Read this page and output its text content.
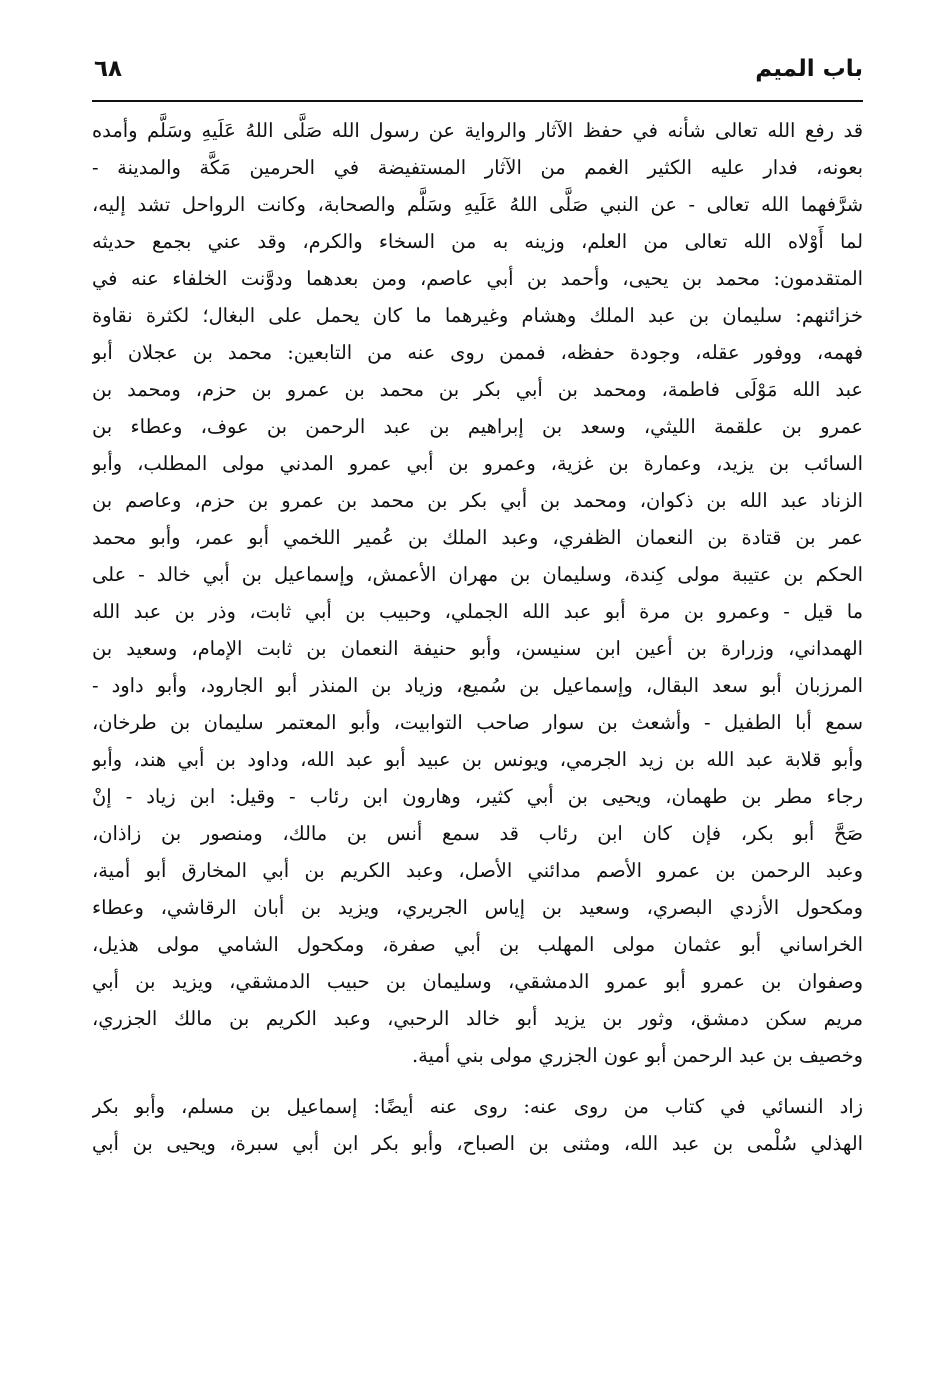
باب الميم
٦٨
قد رفع الله تعالى شأنه في حفظ الآثار والرواية عن رسول الله صَلَّى اللهُ عَلَيهِ وسَلَّم وأمده
بعونه، فدار عليه الكثير الغمم من الآثار المستفيضة في الحرمين مَكَّة والمدينة -
شرَّفهما الله تعالى - عن النبي صَلَّى اللهُ عَلَيهِ وسَلَّم والصحابة، وكانت الرواحل تشد إليه،
لما أَوْلاه الله تعالى من العلم، وزينه به من السخاء والكرم، وقد عني بجمع حديثه
المتقدمون: محمد بن يحيى، وأحمد بن أبي عاصم، ومن بعدهما ودوَّنت الخلفاء عنه في
خزائنهم: سليمان بن عبد الملك وهشام وغيرهما ما كان يحمل على البغال؛ لكثرة نقاوة
فهمه، ووفور عقله، وجودة حفظه، فممن روى عنه من التابعين: محمد بن عجلان أبو
عبد الله مَوْلَى فاطمة، ومحمد بن أبي بكر بن محمد بن عمرو بن حزم، ومحمد بن
عمرو بن علقمة الليثي، وسعد بن إبراهيم بن عبد الرحمن بن عوف، وعطاء بن
السائب بن يزيد، وعمارة بن غزية، وعمرو بن أبي عمرو المدني مولى المطلب، وأبو
الزناد عبد الله بن ذكوان، ومحمد بن أبي بكر بن محمد بن عمرو بن حزم، وعاصم بن
عمر بن قتادة بن النعمان الظفري، وعبد الملك بن عُمير اللخمي أبو عمر، وأبو محمد
الحكم بن عتيبة مولى كِندة، وسليمان بن مهران الأعمش، وإسماعيل بن أبي خالد - على
ما قيل - وعمرو بن مرة أبو عبد الله الجملي، وحبيب بن أبي ثابت، وذر بن عبد الله
الهمداني، وزرارة بن أعين ابن سنيسن، وأبو حنيفة النعمان بن ثابت الإمام، وسعيد بن
المرزبان أبو سعد البقال، وإسماعيل بن سُميع، وزياد بن المنذر أبو الجارود، وأبو داود -
سمع أبا الطفيل - وأشعث بن سوار صاحب التوابيت، وأبو المعتمر سليمان بن طرخان،
وأبو قلابة عبد الله بن زيد الجرمي، ويونس بن عبيد أبو عبد الله، وداود بن أبي هند، وأبو
رجاء مطر بن طهمان، ويحيى بن أبي كثير، وهارون ابن رئاب - وقيل: ابن زياد - إنْ
صَحَّ أبو بكر، فإن كان ابن رئاب قد سمع أنس بن مالك، ومنصور بن زاذان،
وعبد الرحمن بن عمرو الأصم مدائني الأصل، وعبد الكريم بن أبي المخارق أبو أمية،
ومكحول الأزدي البصري، وسعيد بن إياس الجريري، ويزيد بن أبان الرقاشي، وعطاء
الخراساني أبو عثمان مولى المهلب بن أبي صفرة، ومكحول الشامي مولى هذيل،
وصفوان بن عمرو أبو عمرو الدمشقي، وسليمان بن حبيب الدمشقي، ويزيد بن أبي
مريم سكن دمشق، وثور بن يزيد أبو خالد الرحبي، وعبد الكريم بن مالك الجزري،
وخصيف بن عبد الرحمن أبو عون الجزري مولى بني أمية.
زاد النسائي في كتاب من روى عنه: روى عنه أيضًا: إسماعيل بن مسلم، وأبو بكر
الهذلي سُلْمى بن عبد الله، ومثنى بن الصباح، وأبو بكر ابن أبي سبرة، ويحيى بن أبي
